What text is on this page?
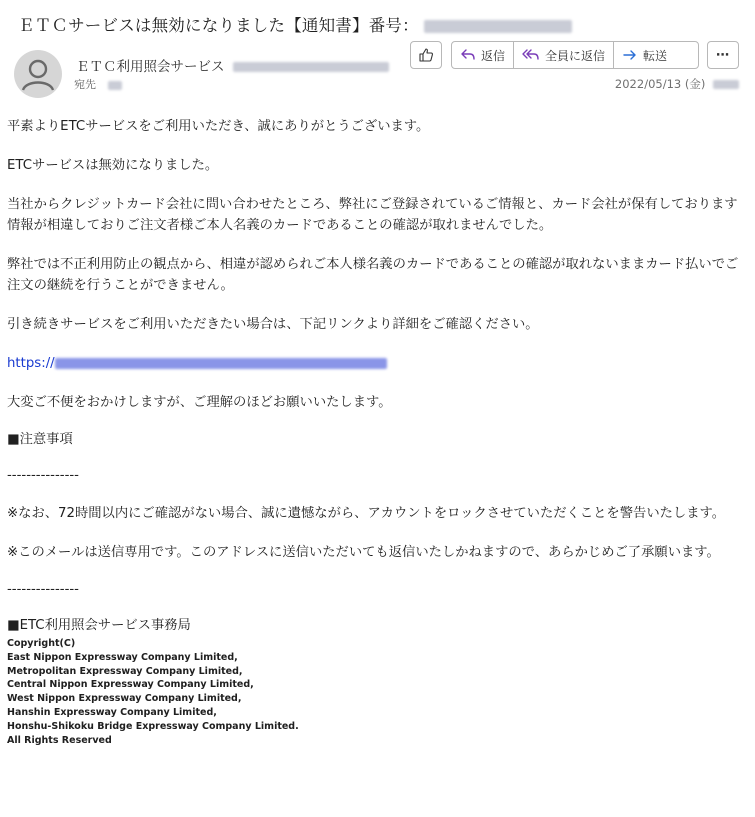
ＥＴＣサービスは無効になりました【通知書】番号：
ＥＴＣ利用照会サービス
宛先
返信	全員に返信	転送	⋯
2022/05/13 (金)

平素よりETCサービスをご利用いただき、誠にありがとうございます。

ETCサービスは無効になりました。

当社からクレジットカード会社に問い合わせたところ、弊社にご登録されているご情報と、カード会社が保有しております情報が相違しておりご注文者様ご本人名義のカードであることの確認が取れませんでした。

弊社では不正利用防止の観点から、相違が認められご本人様名義のカードであることの確認が取れないままカード払いでご注文の継続を行うことができません。

引き続きサービスをご利用いただきたい場合は、下記リンクより詳細をご確認ください。

https://

大変ご不便をおかけしますが、ご理解のほどお願いいたします。

■注意事項

---------------

※なお、72時間以内にご確認がない場合、誠に遺憾ながら、アカウントをロックさせていただくことを警告いたします。

※このメールは送信専用です。このアドレスに送信いただいても返信いたしかねますので、あらかじめご了承願います。

---------------

■ETC利用照会サービス事務局

Copyright(C)
East Nippon Expressway Company Limited,
Metropolitan Expressway Company Limited,
Central Nippon Expressway Company Limited,
West Nippon Expressway Company Limited,
Hanshin Expressway Company Limited,
Honshu-Shikoku Bridge Expressway Company Limited.
All Rights Reserved
